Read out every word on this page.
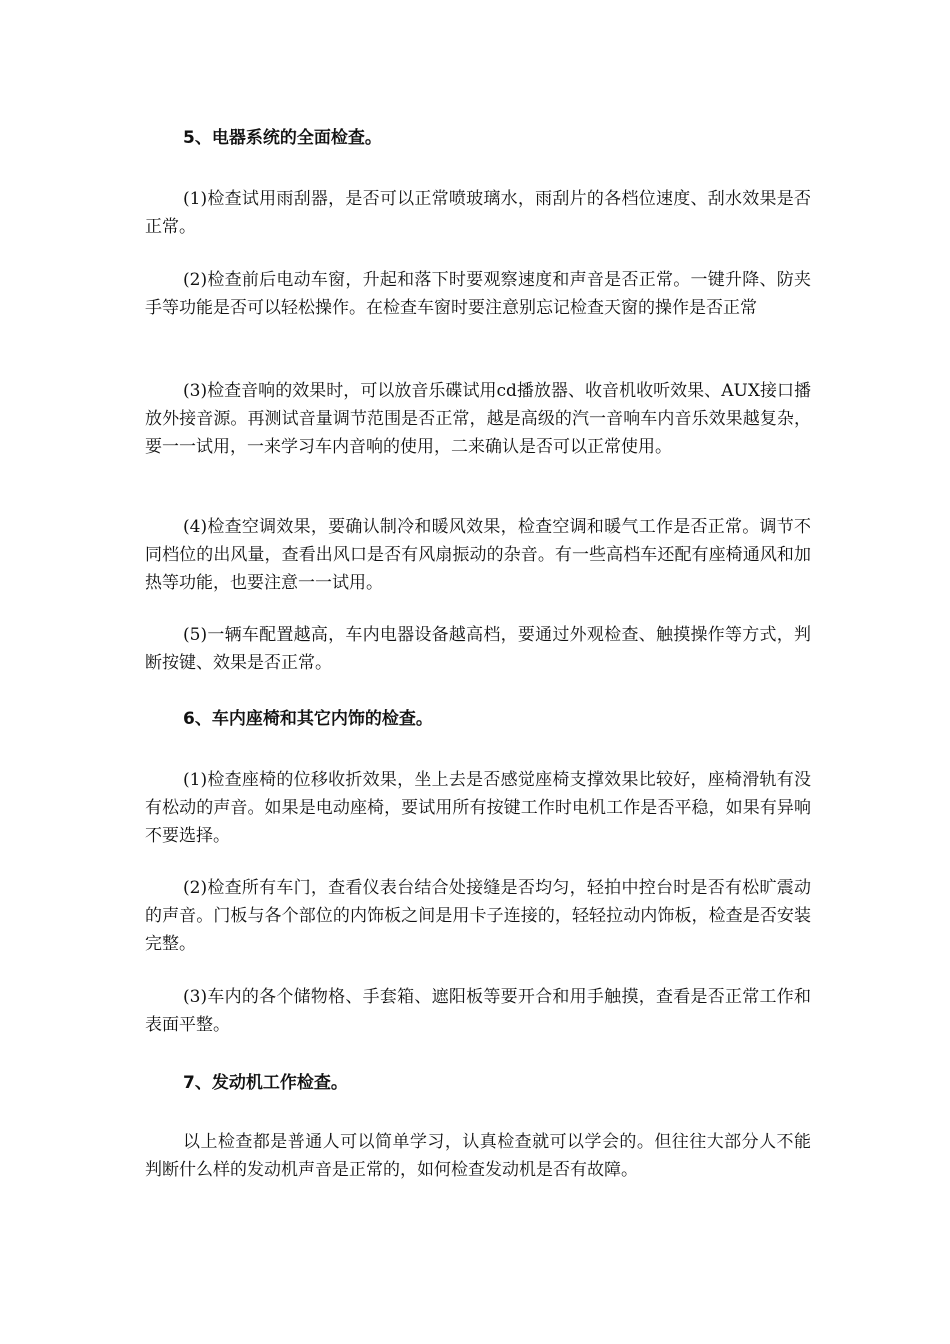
5、电器系统的全面检查。

(1)检查试用雨刮器，是否可以正常喷玻璃水，雨刮片的各档位速度、刮水效果是否正常。

(2)检查前后电动车窗，升起和落下时要观察速度和声音是否正常。一键升降、防夹手等功能是否可以轻松操作。在检查车窗时要注意别忘记检查天窗的操作是否正常

(3)检查音响的效果时，可以放音乐碟试用cd播放器、收音机收听效果、AUX接口播放外接音源。再测试音量调节范围是否正常，越是高级的汽一音响车内音乐效果越复杂，要一一试用，一来学习车内音响的使用，二来确认是否可以正常使用。

(4)检查空调效果，要确认制冷和暖风效果，检查空调和暖气工作是否正常。调节不同档位的出风量，查看出风口是否有风扇振动的杂音。有一些高档车还配有座椅通风和加热等功能，也要注意一一试用。

(5)一辆车配置越高，车内电器设备越高档，要通过外观检查、触摸操作等方式，判断按键、效果是否正常。

6、车内座椅和其它内饰的检查。

(1)检查座椅的位移收折效果，坐上去是否感觉座椅支撑效果比较好，座椅滑轨有没有松动的声音。如果是电动座椅，要试用所有按键工作时电机工作是否平稳，如果有异响不要选择。

(2)检查所有车门，查看仪表台结合处接缝是否均匀，轻拍中控台时是否有松旷震动的声音。门板与各个部位的内饰板之间是用卡子连接的，轻轻拉动内饰板，检查是否安装完整。

(3)车内的各个储物格、手套箱、遮阳板等要开合和用手触摸，查看是否正常工作和表面平整。

7、发动机工作检查。

以上检查都是普通人可以简单学习，认真检查就可以学会的。但往往大部分人不能判断什么样的发动机声音是正常的，如何检查发动机是否有故障。
